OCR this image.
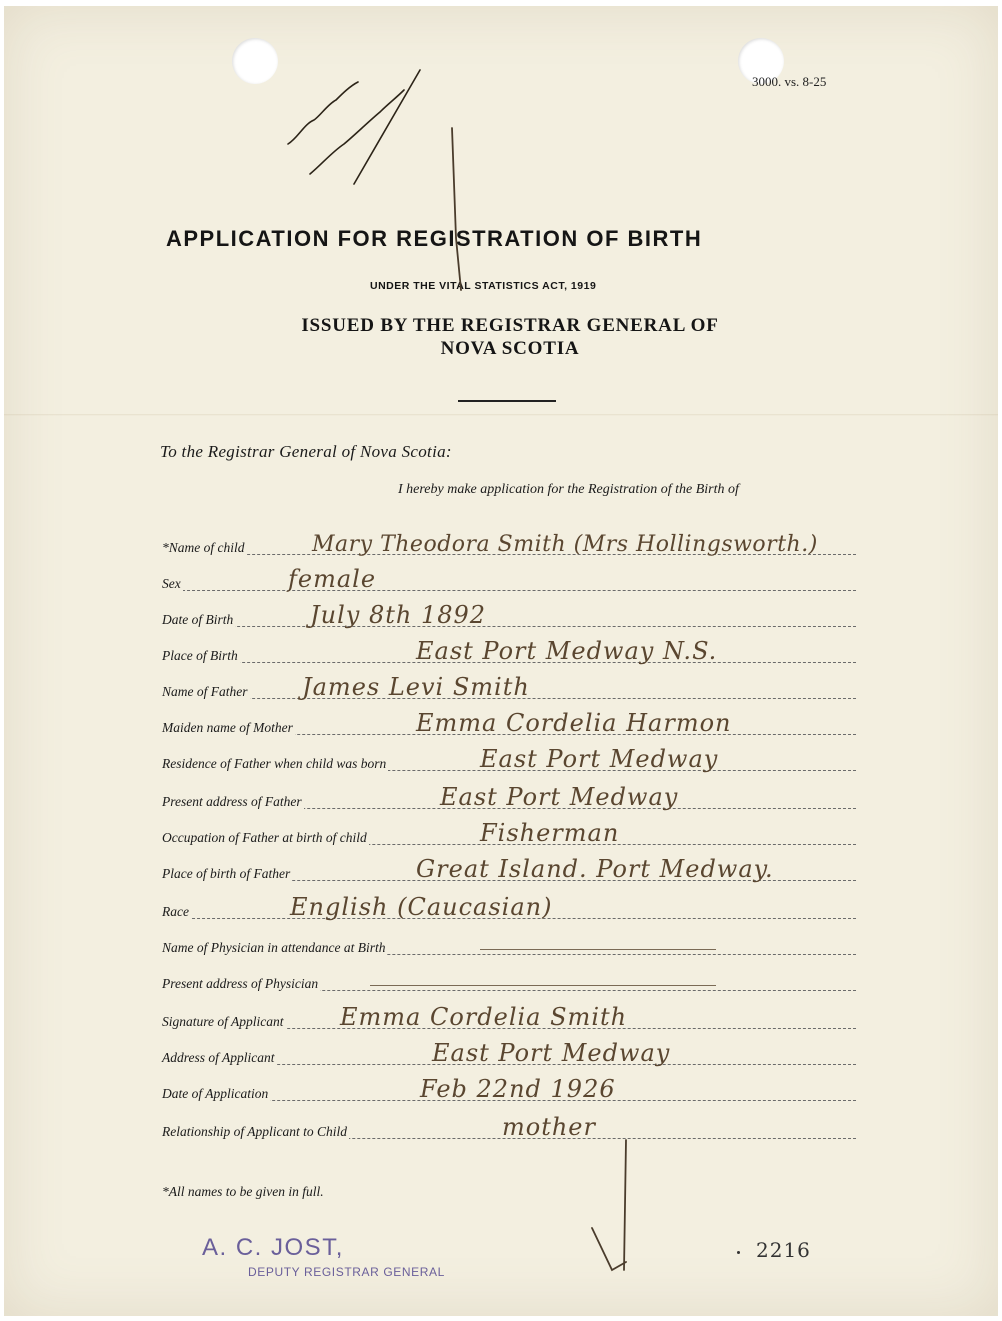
3000. vs. 8-25
APPLICATION FOR REGISTRATION OF BIRTH
UNDER THE VITAL STATISTICS ACT, 1919
ISSUED BY THE REGISTRAR GENERAL OF NOVA SCOTIA
To the Registrar General of Nova Scotia:
I hereby make application for the Registration of the Birth of
*Name of child	Mary Theodora Smith (Mrs Hollingsworth.)
Sex	female
Date of Birth	July 8th 1892
Place of Birth	East Port Medway N.S.
Name of Father James Levi Smith
Maiden name of Mother	Emma Cordelia Harmon
Residence of Father when child was born	East Port Medway
Present address of Father	East Port Medway
Occupation of Father at birth of child	Fisherman
Place of birth of Father	Great Island. Port Medway.
Race	English (Caucasian)
Name of Physician in attendance at Birth
Present address of Physician
Signature of Applicant Emma Cordelia Smith
Address of Applicant	East Port Medway
Date of Application	Feb 22nd 1926
Relationship of Applicant to Child	mother
*All names to be given in full.
A. C. JOST,
DEPUTY REGISTRAR GENERAL
2216
